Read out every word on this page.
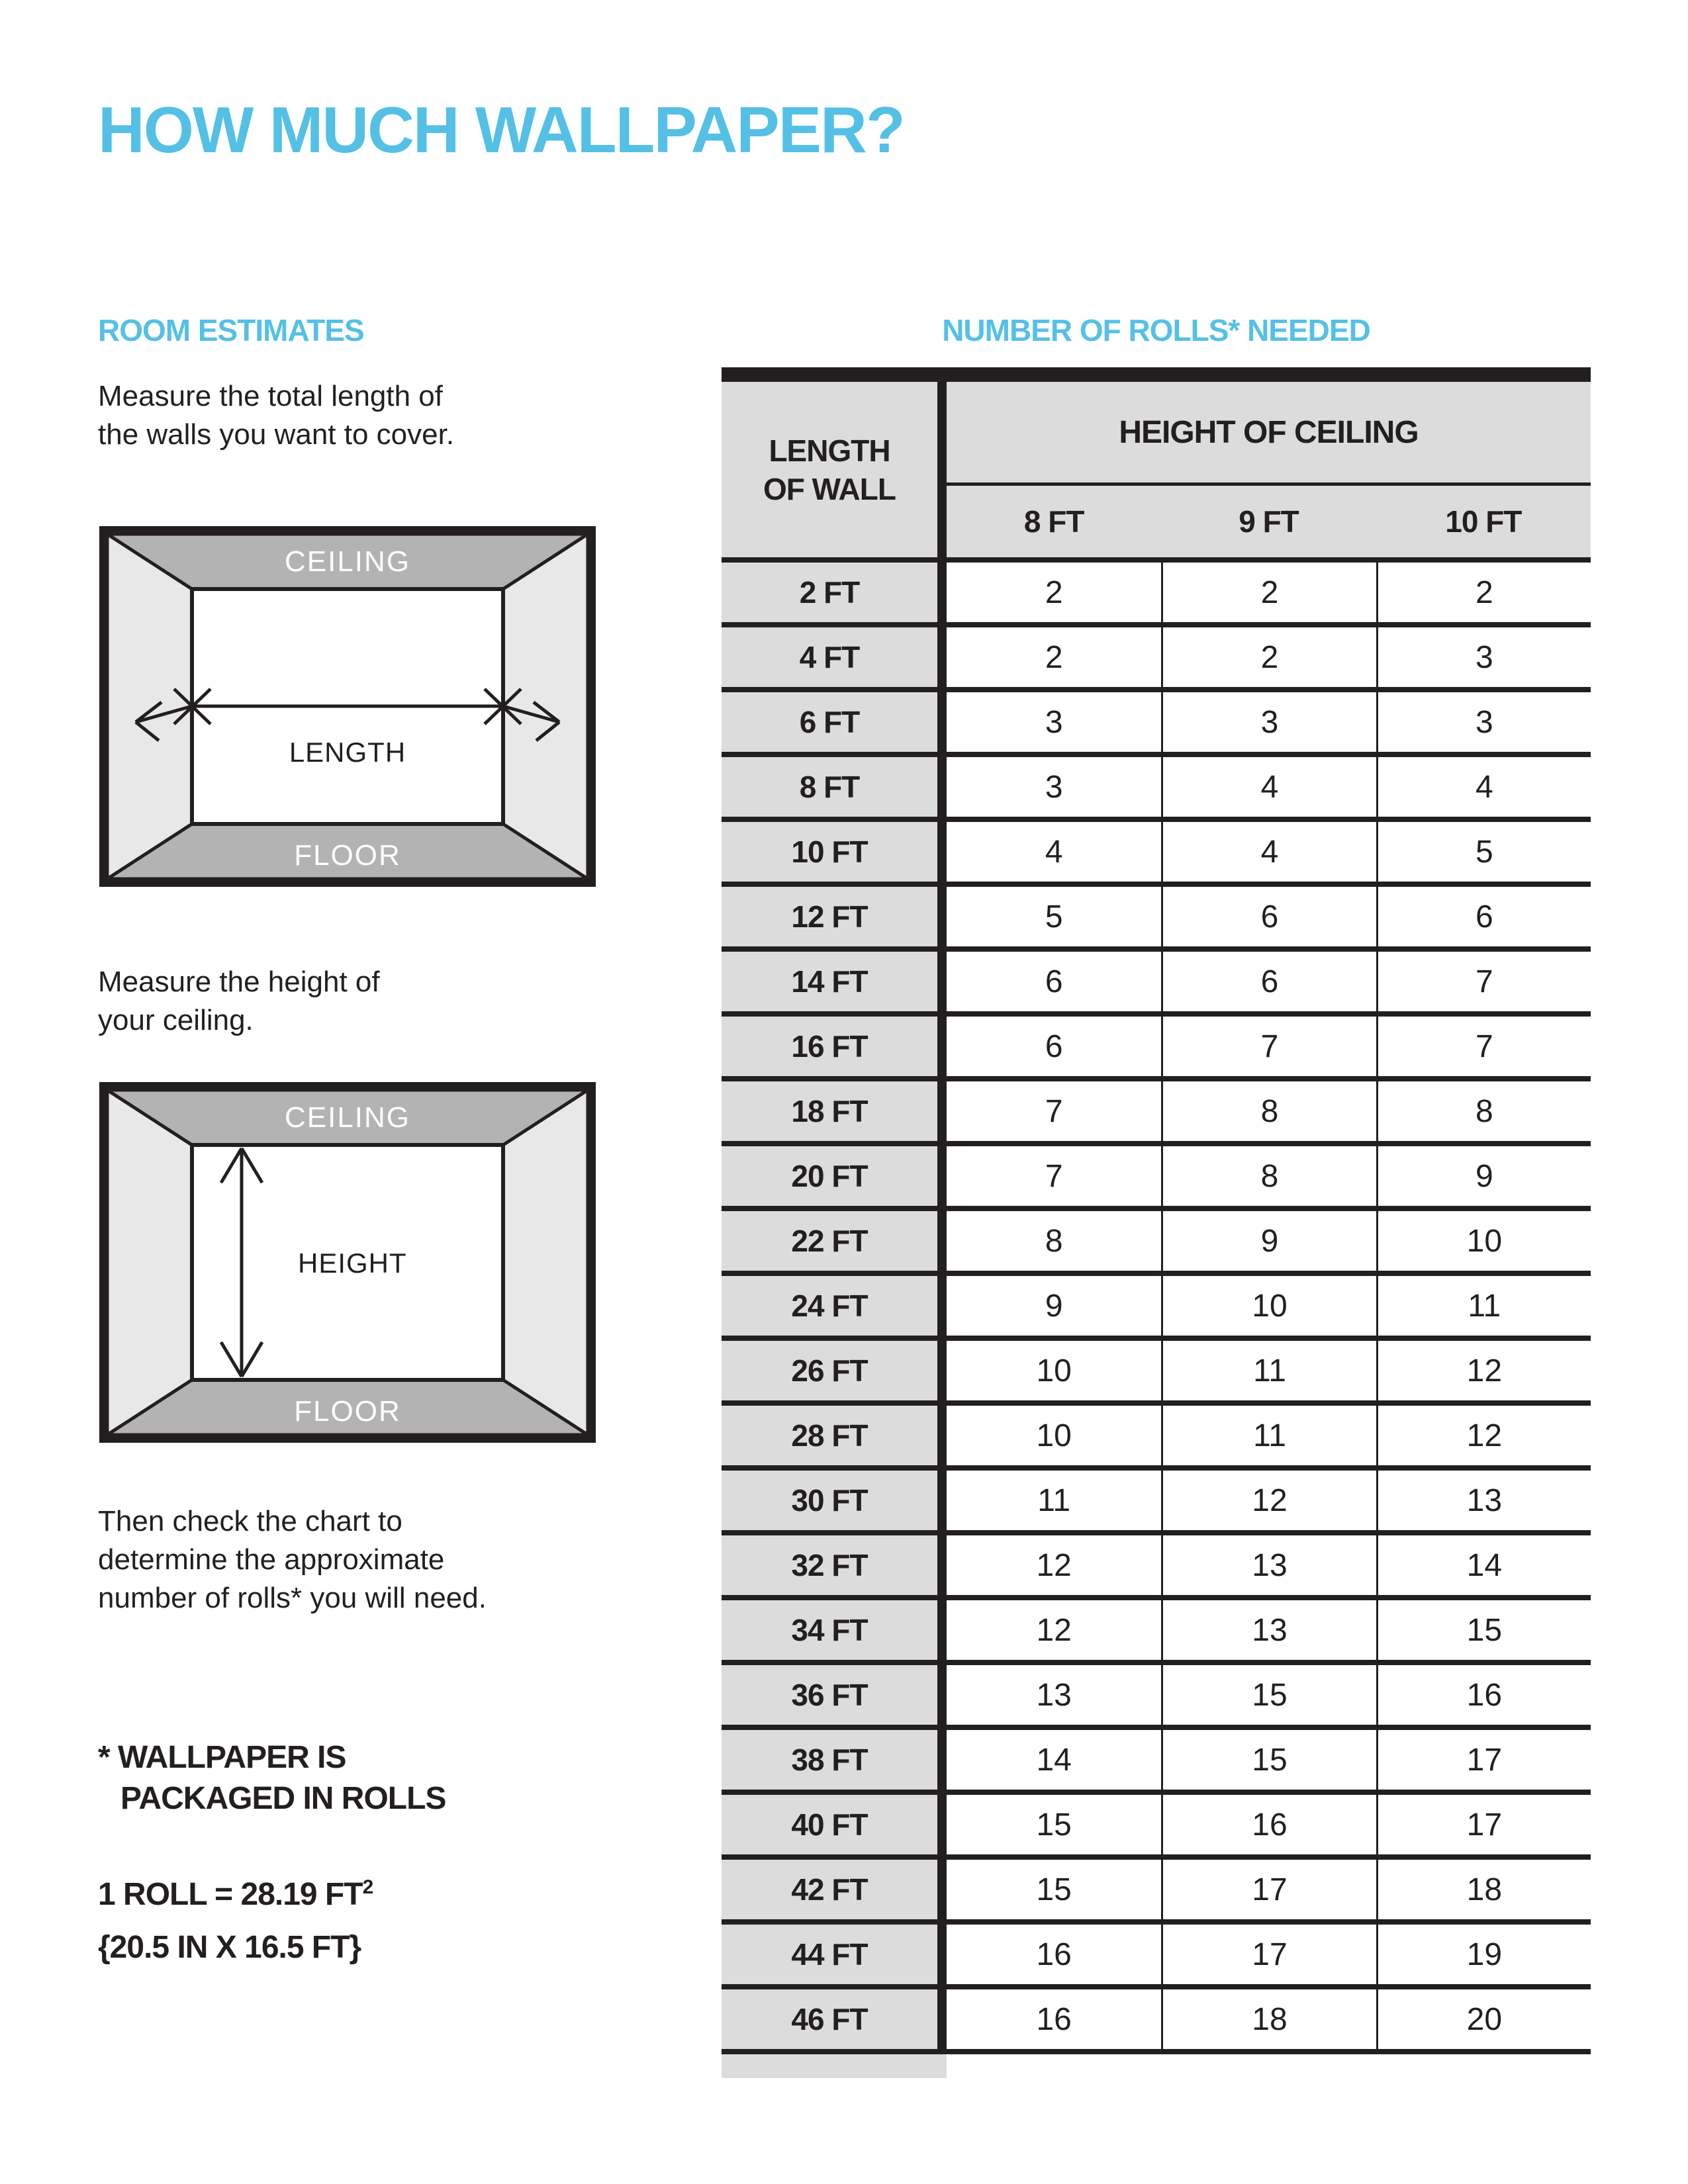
HOW MUCH WALLPAPER?
ROOM ESTIMATES
Measure the total length of
the walls you want to cover.
CEILING
FLOOR
LENGTH
Measure the height of
your ceiling.
CEILING
FLOOR
HEIGHT
Then check the chart to
determine the approximate
number of rolls* you will need.
* WALLPAPER IS
PACKAGED IN ROLLS
1 ROLL = 28.19 $FT^2$
{20.5 IN X 16.5 FT}
NUMBER OF ROLLS* NEEDED
LENGTH
OF WALL
HEIGHT OF CEILING
8 FT	9 FT	10 FT
2 FT	2	2	2
4 FT	2	2	3
6 FT	3	3	3
8 FT	3	4	4
10 FT	4	4	5
12 FT	5	6	6
14 FT	6	6	7
16 FT	6	7	7
18 FT	7	8	8
20 FT	7	8	9
22 FT	8	9	10
24 FT	9	10	11
26 FT	10	11	12
28 FT	10	11	12
30 FT	11	12	13
32 FT	12	13	14
34 FT	12	13	15
36 FT	13	15	16
38 FT	14	15	17
40 FT	15	16	17
42 FT	15	17	18
44 FT	16	17	19
46 FT	16	18	20
